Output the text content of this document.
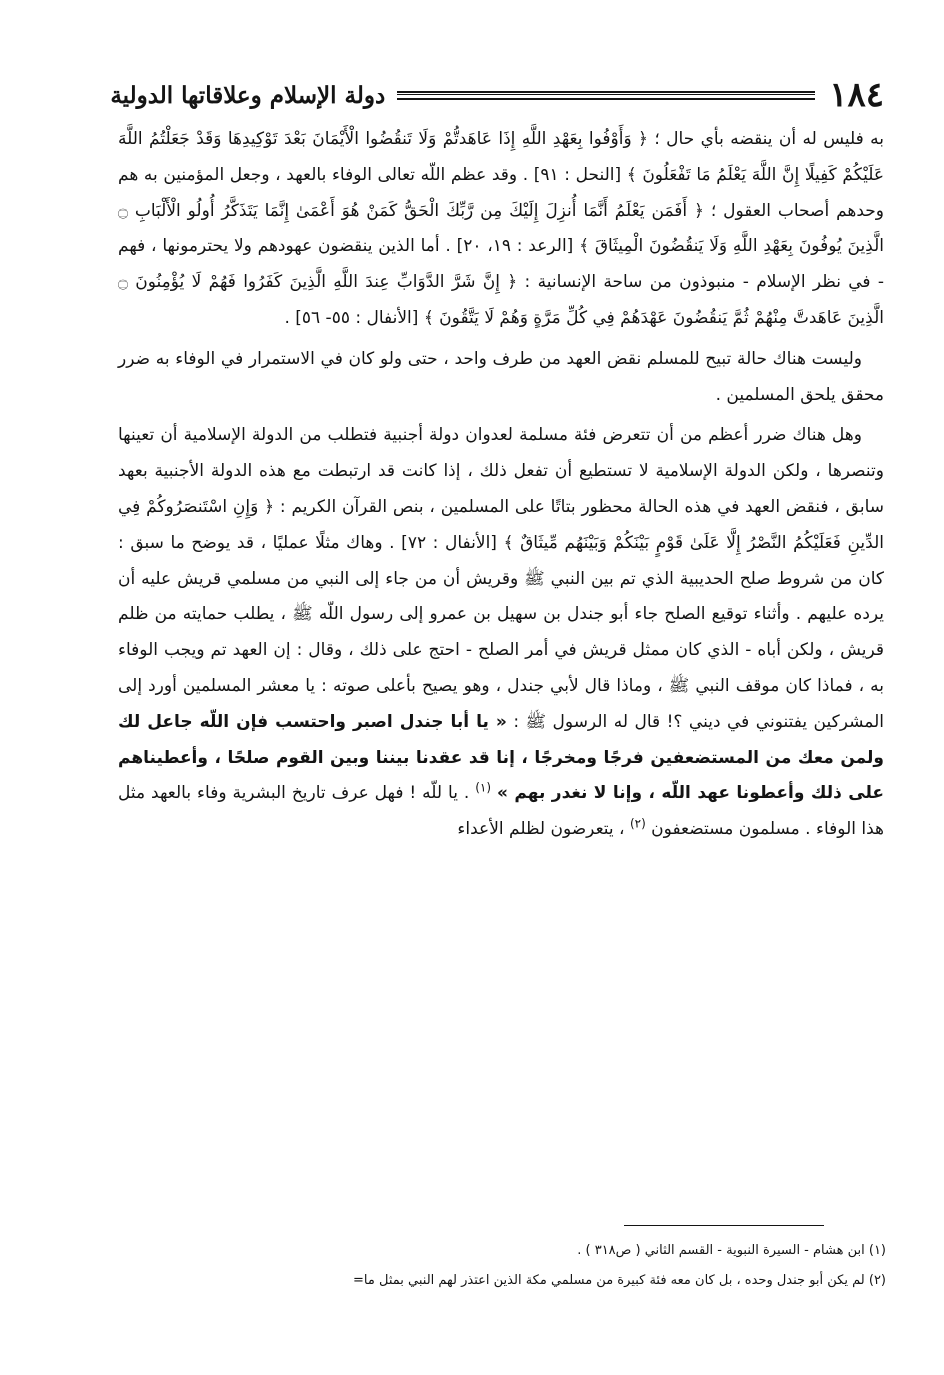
١٨٤
دولة الإسلام وعلاقاتها الدولية

به فليس له أن ينقضه بأي حال ؛ ﴿ وَأَوْفُوا بِعَهْدِ اللَّهِ إِذَا عَاهَدتُّمْ وَلَا تَنقُضُوا الْأَيْمَانَ بَعْدَ تَوْكِيدِهَا وَقَدْ جَعَلْتُمُ اللَّهَ عَلَيْكُمْ كَفِيلًا إِنَّ اللَّهَ يَعْلَمُ مَا تَفْعَلُونَ ﴾ [النحل : ٩١] . وقد عظم اللّه تعالى الوفاء بالعهد ، وجعل المؤمنين به هم وحدهم أصحاب العقول ؛ ﴿ أَفَمَن يَعْلَمُ أَنَّمَا أُنزِلَ إِلَيْكَ مِن رَّبِّكَ الْحَقُّ كَمَنْ هُوَ أَعْمَىٰ إِنَّمَا يَتَذَكَّرُ أُولُو الْأَلْبَابِ ۝ الَّذِينَ يُوفُونَ بِعَهْدِ اللَّهِ وَلَا يَنقُضُونَ الْمِيثَاقَ ﴾ [الرعد : ١٩، ٢٠] . أما الذين ينقضون عهودهم ولا يحترمونها ، فهم - في نظر الإسلام - منبوذون من ساحة الإنسانية : ﴿ إِنَّ شَرَّ الدَّوَابِّ عِندَ اللَّهِ الَّذِينَ كَفَرُوا فَهُمْ لَا يُؤْمِنُونَ ۝ الَّذِينَ عَاهَدتَّ مِنْهُمْ ثُمَّ يَنقُضُونَ عَهْدَهُمْ فِي كُلِّ مَرَّةٍ وَهُمْ لَا يَتَّقُونَ ﴾ [الأنفال : ٥٥- ٥٦] .

وليست هناك حالة تبيح للمسلم نقض العهد من طرف واحد ، حتى ولو كان في الاستمرار في الوفاء به ضرر محقق يلحق المسلمين .

وهل هناك ضرر أعظم من أن تتعرض فئة مسلمة لعدوان دولة أجنبية فتطلب من الدولة الإسلامية أن تعينها وتنصرها ، ولكن الدولة الإسلامية لا تستطيع أن تفعل ذلك ، إذا كانت قد ارتبطت مع هذه الدولة الأجنبية بعهد سابق ، فنقض العهد في هذه الحالة محظور بتاتًا على المسلمين ، بنص القرآن الكريم : ﴿ وَإِنِ اسْتَنصَرُوكُمْ فِي الدِّينِ فَعَلَيْكُمُ النَّصْرُ إِلَّا عَلَىٰ قَوْمٍ بَيْنَكُمْ وَبَيْنَهُم مِّيثَاقٌ ﴾ [الأنفال : ٧٢] . وهاك مثلًا عمليًا ، قد يوضح ما سبق : كان من شروط صلح الحديبية الذي تم بين النبي ﷺ وقريش أن من جاء إلى النبي من مسلمي قريش عليه أن يرده عليهم . وأثناء توقيع الصلح جاء أبو جندل بن سهيل بن عمرو إلى رسول اللّه ﷺ ، يطلب حمايته من ظلم قريش ، ولكن أباه - الذي كان ممثل قريش في أمر الصلح - احتج على ذلك ، وقال : إن العهد تم ويجب الوفاء به ، فماذا كان موقف النبي ﷺ ، وماذا قال لأبي جندل ، وهو يصيح بأعلى صوته : يا معشر المسلمين أورد إلى المشركين يفتنوني في ديني ؟! قال له الرسول ﷺ : « يا أبا جندل اصبر واحتسب فإن اللّه جاعل لك ولمن معك من المستضعفين فرجًا ومخرجًا ، إنا قد عقدنا بيننا وبين القوم صلحًا ، وأعطيناهم على ذلك وأعطونا عهد اللّه ، وإنا لا نغدر بهم » $^{(١)}$ . يا للّه ! فهل عرف تاريخ البشرية وفاء بالعهد مثل هذا الوفاء . مسلمون مستضعفون $^{(٢)}$ ، يتعرضون لظلم الأعداء

(١) ابن هشام - السيرة النبوية - القسم الثاني ( ص٣١٨ ) .

(٢) لم يكن أبو جندل وحده ، بل كان معه فئة كبيرة من مسلمي مكة الذين اعتذر لهم النبي بمثل ما=
